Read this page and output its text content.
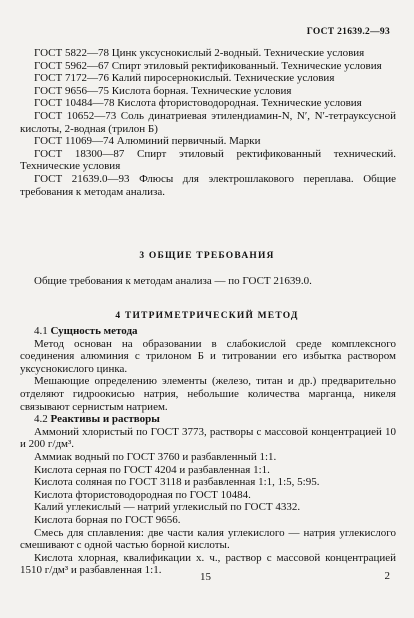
ГОСТ 21639.2—93
ГОСТ 5822—78 Цинк уксуснокислый 2-водный. Технические условия
ГОСТ 5962—67 Спирт этиловый ректификованный. Технические условия
ГОСТ 7172—76 Калий пиросернокислый. Технические условия
ГОСТ 9656—75 Кислота борная. Технические условия
ГОСТ 10484—78 Кислота фтористоводородная. Технические условия
ГОСТ 10652—73 Соль динатриевая этилендиамин-N, N′, N′-тетрауксусной кислоты, 2-водная (трилон Б)
ГОСТ 11069—74 Алюминий первичный. Марки
ГОСТ 18300—87 Спирт этиловый ректификованный технический. Технические условия
ГОСТ 21639.0—93 Флюсы для электрошлакового переплава. Общие требования к методам анализа.
3 ОБЩИЕ ТРЕБОВАНИЯ
Общие требования к методам анализа — по ГОСТ 21639.0.
4 ТИТРИМЕТРИЧЕСКИЙ МЕТОД
4.1 Сущность метода
Метод основан на образовании в слабокислой среде комплексного соединения алюминия с трилоном Б и титровании его избытка раствором уксуснокислого цинка.
Мешающие определению элементы (железо, титан и др.) предварительно отделяют гидроокисью натрия, небольшие количества марганца, никеля связывают сернистым натрием.
4.2 Реактивы и растворы
Аммоний хлористый по ГОСТ 3773, растворы с массовой концентрацией 10 и 200 г/дм³.
Аммиак водный по ГОСТ 3760 и разбавленный 1:1.
Кислота серная по ГОСТ 4204 и разбавленная 1:1.
Кислота соляная по ГОСТ 3118 и разбавленная 1:1, 1:5, 5:95.
Кислота фтористоводородная по ГОСТ 10484.
Калий углекислый — натрий углекислый по ГОСТ 4332.
Кислота борная по ГОСТ 9656.
Смесь для сплавления: две части калия углекислого — натрия углекислого смешивают с одной частью борной кислоты.
Кислота хлорная, квалификации х. ч., раствор с массовой концентрацией 1510 г/дм³ и разбавленная 1:1.
15	2
